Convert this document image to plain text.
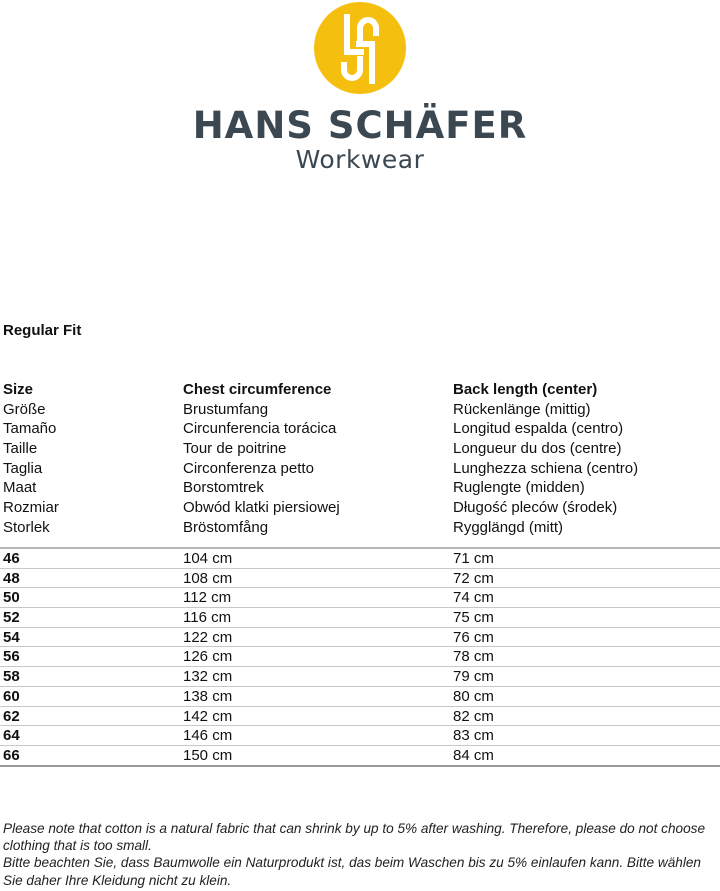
HANS SCHÄFER
Workwear
Regular Fit
Size	Chest circumference	Back length (center)
Größe	Brustumfang	Rückenlänge (mittig)
Tamaño	Circunferencia torácica	Longitud espalda (centro)
Taille	Tour de poitrine	Longueur du dos (centre)
Taglia	Circonferenza petto	Lunghezza schiena (centro)
Maat	Borstomtrek	Ruglengte (midden)
Rozmiar	Obwód klatki piersiowej	Długość pleców (środek)
Storlek	Bröstomfång	Rygglängd (mitt)
46	104 cm	71 cm
48	108 cm	72 cm
50	112 cm	74 cm
52	116 cm	75 cm
54	122 cm	76 cm
56	126 cm	78 cm
58	132 cm	79 cm
60	138 cm	80 cm
62	142 cm	82 cm
64	146 cm	83 cm
66	150 cm	84 cm

Please note that cotton is a natural fabric that can shrink by up to 5% after washing. Therefore, please do not choose clothing that is too small.

Bitte beachten Sie, dass Baumwolle ein Naturprodukt ist, das beim Waschen bis zu 5% einlaufen kann. Bitte wählen Sie daher Ihre Kleidung nicht zu klein.
